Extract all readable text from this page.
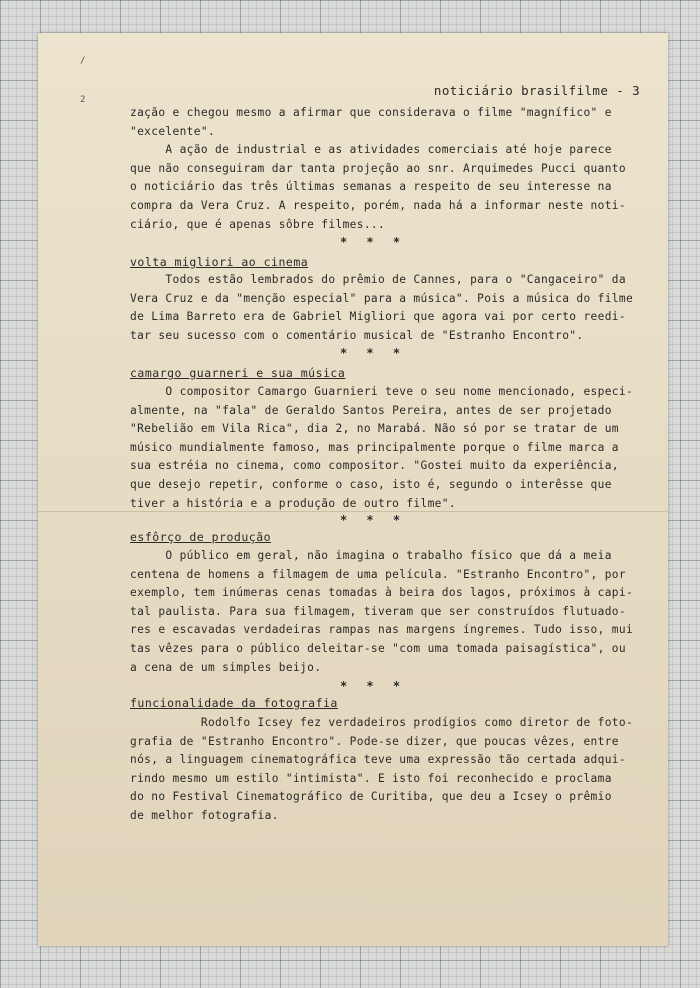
/
2
noticiário brasilfilme - 3
zação e chegou mesmo a afirmar que considerava o filme "magnífico" e
"excelente".
A ação de industrial e as atividades comerciais até hoje parece
que não conseguiram dar tanta projeção ao snr. Arquimedes Pucci quanto
o noticiário das três últimas semanas a respeito de seu interesse na
compra da Vera Cruz. A respeito, porém, nada há a informar neste noti-
ciário, que é apenas sôbre filmes...
* * *
volta migliori ao cinema
Todos estão lembrados do prêmio de Cannes, para o "Cangaceiro" da
Vera Cruz e da "menção especial" para a música". Pois a música do filme
de Lima Barreto era de Gabriel Migliori que agora vai por certo reedi-
tar seu sucesso com o comentário musical de "Estranho Encontro".
* * *
camargo guarneri e sua música
O compositor Camargo Guarnieri teve o seu nome mencionado, especi-
almente, na "fala" de Geraldo Santos Pereira, antes de ser projetado
"Rebelião em Vila Rica", dia 2, no Marabá. Não só por se tratar de um
músico mundialmente famoso, mas principalmente porque o filme marca a
sua estréia no cinema, como compositor. "Gostei muito da experiência,
que desejo repetir, conforme o caso, isto é, segundo o interêsse que
tiver a história e a produção de outro filme".
* * *
esfôrço de produção
O público em geral, não imagina o trabalho físico que dá a meia
centena de homens a filmagem de uma película. "Estranho Encontro", por
exemplo, tem inúmeras cenas tomadas à beira dos lagos, próximos à capi-
tal paulista. Para sua filmagem, tiveram que ser construídos flutuado-
res e escavadas verdadeiras rampas nas margens íngremes. Tudo isso, mui
tas vêzes para o público deleitar-se "com uma tomada paisagística", ou
a cena de um simples beijo.
* * *
funcionalidade da fotografia
Rodolfo Icsey fez verdadeiros prodígios como diretor de foto-
grafia de "Estranho Encontro". Pode-se dizer, que poucas vêzes, entre
nós, a linguagem cinematográfica teve uma expressão tão certada adqui-
rindo mesmo um estilo "intimista". E isto foi reconhecido e proclama
do no Festival Cinematográfico de Curitiba, que deu a Icsey o prêmio
de melhor fotografia.
